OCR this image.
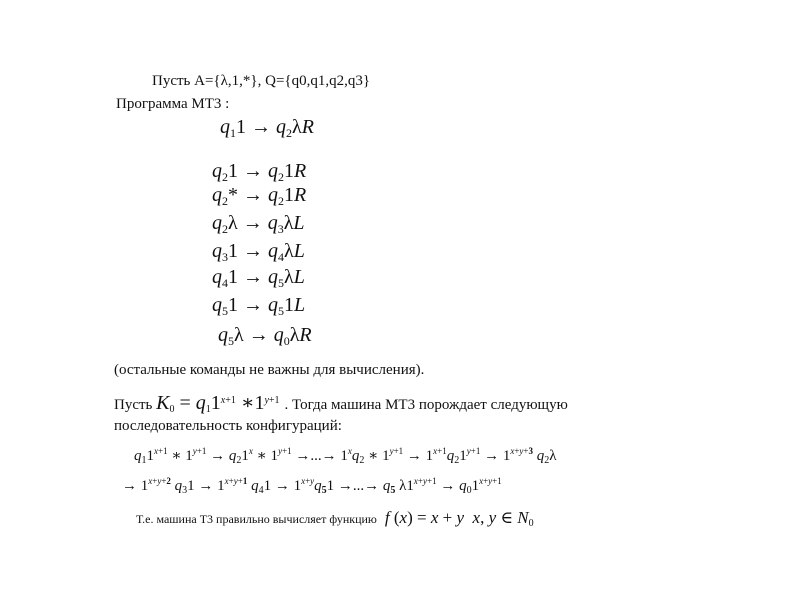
Пусть A={λ,1,*}, Q={q0,q1,q2,q3}
Программа МТ3 :
$q_11 \to q_2\lambda R$
$q_21 \to q_21R$
$q_2* \to q_21R$
$q_2\lambda \to q_3\lambda L$
$q_31 \to q_4\lambda L$
$q_41 \to q_5\lambda L$
$q_51 \to q_51L$
$q_5\lambda \to q_0\lambda R$
(остальные команды не важны для вычисления).
Пусть $K_0 = q_11^{x+1}$ $∗1^{y+1}$ . Тогда машина МТ3 порождает следующую
последовательность конфигураций:
$q_11^{x+1}$ ∗ $1^{y+1} \to q_21^x$ ∗ $1^{y+1}$ →...→ $1^xq_2$ ∗ $1^{y+1} \to 1^{x+1}q_21^{y+1} \to 1^{x+y+3}$ $q_2\lambda$
→ $1^{x+y+2}$ $q_31 \to 1^{x+y+1}$ $q_41 \to 1^{x+y}q_51$ →...→ $q_5$ $\lambda 1^{x+y+1} \to q_01^{x+y+1}$
Т.е. машина Т3 правильно вычисляет функцию f (x) = x + y x, y ∈ $N_0$
